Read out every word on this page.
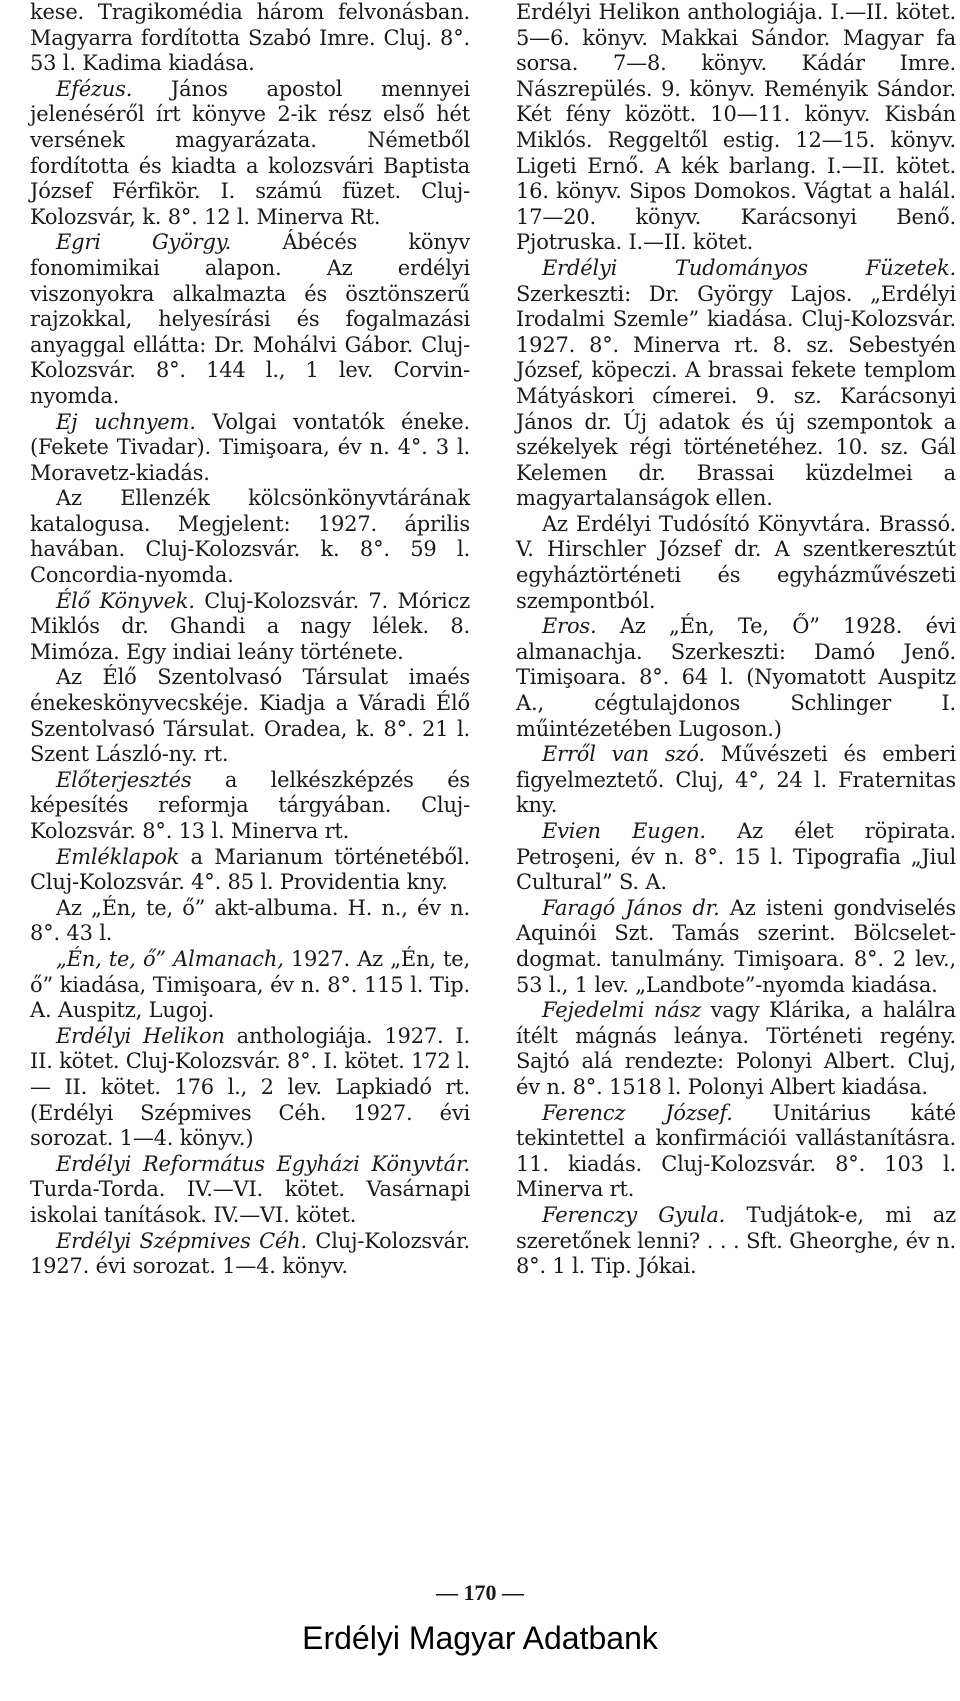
kese. Tragikomédia három felvonásban. Magyarra fordította Szabó Imre. Cluj. 8°. 53 l. Kadima kiadása.

Efézus. János apostol mennyei jelenéséről írt könyve 2-ik rész első hét versének magyarázata. Németből fordította és kiadta a kolozsvári Baptista József Férfikör. I. számú füzet. Cluj-Kolozsvár, k. 8°. 12 l. Minerva Rt.

Egri György. Ábécés könyv fonomimikai alapon. Az erdélyi viszonyokra alkalmazta és ösztönszerű rajzokkal, helyesírási és fogalmazási anyaggal ellátta: Dr. Mohálvi Gábor. Cluj-Kolozsvár. 8°. 144 l., 1 lev. Corvin-nyomda.

Ej uchnyem. Volgai vontatók éneke. (Fekete Tivadar). Timişoara, év n. 4°. 3 l. Moravetz-kiadás.

Az Ellenzék kölcsönkönyvtárának katalogusa. Megjelent: 1927. április havában. Cluj-Kolozsvár. k. 8°. 59 l. Concordia-nyomda.

Élő Könyvek. Cluj-Kolozsvár. 7. Móricz Miklós dr. Ghandi a nagy lélek. 8. Mimóza. Egy indiai leány története.

Az Élő Szentolvasó Társulat imaés énekeskönyvecskéje. Kiadja a Váradi Élő Szentolvasó Társulat. Oradea, k. 8°. 21 l. Szent László-ny. rt.

Előterjesztés a lelkészképzés és képesítés reformja tárgyában. Cluj-Kolozsvár. 8°. 13 l. Minerva rt.

Emléklapok a Marianum történetéből. Cluj-Kolozsvár. 4°. 85 l. Providentia kny.

Az „Én, te, ő” akt-albuma. H. n., év n. 8°. 43 l.

„Én, te, ő” Almanach, 1927. Az „Én, te, ő” kiadása, Timişoara, év n. 8°. 115 l. Tip. A. Auspitz, Lugoj.

Erdélyi Helikon anthologiája. 1927. I. II. kötet. Cluj-Kolozsvár. 8°. I. kötet. 172 l. — II. kötet. 176 l., 2 lev. Lapkiadó rt. (Erdélyi Szépmives Céh. 1927. évi sorozat. 1—4. könyv.)

Erdélyi Református Egyházi Könyvtár. Turda-Torda. IV.—VI. kötet. Vasárnapi iskolai tanítások. IV.—VI. kötet.

Erdélyi Szépmives Céh. Cluj-Kolozsvár. 1927. évi sorozat. 1—4. könyv.

Erdélyi Helikon anthologiája. I.—II. kötet. 5—6. könyv. Makkai Sándor. Magyar fa sorsa. 7—8. könyv. Kádár Imre. Nászrepülés. 9. könyv. Reményik Sándor. Két fény között. 10—11. könyv. Kisbán Miklós. Reggeltől estig. 12—15. könyv. Ligeti Ernő. A kék barlang. I.—II. kötet. 16. könyv. Sipos Domokos. Vágtat a halál. 17—20. könyv. Karácsonyi Benő. Pjotruska. I.—II. kötet.

Erdélyi Tudományos Füzetek. Szerkeszti: Dr. György Lajos. „Erdélyi Irodalmi Szemle” kiadása. Cluj-Kolozsvár. 1927. 8°. Minerva rt. 8. sz. Sebestyén József, köpeczi. A brassai fekete templom Mátyáskori címerei. 9. sz. Karácsonyi János dr. Új adatok és új szempontok a székelyek régi történetéhez. 10. sz. Gál Kelemen dr. Brassai küzdelmei a magyartalanságok ellen.

Az Erdélyi Tudósító Könyvtára. Brassó. V. Hirschler József dr. A szentkeresztút egyháztörténeti és egyházművészeti szempontból.

Eros. Az „Én, Te, Ő” 1928. évi almanachja. Szerkeszti: Damó Jenő. Timişoara. 8°. 64 l. (Nyomatott Auspitz A., cégtulajdonos Schlinger I. műintézetében Lugoson.)

Erről van szó. Művészeti és emberi figyelmeztető. Cluj, 4°, 24 l. Fraternitas kny.

Evien Eugen. Az élet röpirata. Petroşeni, év n. 8°. 15 l. Tipografia „Jiul Cultural” S. A.

Faragó János dr. Az isteni gondviselés Aquinói Szt. Tamás szerint. Bölcselet-dogmat. tanulmány. Timişoara. 8°. 2 lev., 53 l., 1 lev. „Landbote”-nyomda kiadása.

Fejedelmi nász vagy Klárika, a halálra ítélt mágnás leánya. Történeti regény. Sajtó alá rendezte: Polonyi Albert. Cluj, év n. 8°. 1518 l. Polonyi Albert kiadása.

Ferencz József. Unitárius káté tekintettel a konfirmációi vallástanításra. 11. kiadás. Cluj-Kolozsvár. 8°. 103 l. Minerva rt.

Ferenczy Gyula. Tudjátok-e, mi az szeretőnek lenni? . . . Sft. Gheorghe, év n. 8°. 1 l. Tip. Jókai.

— 170 —
Erdélyi Magyar Adatbank
